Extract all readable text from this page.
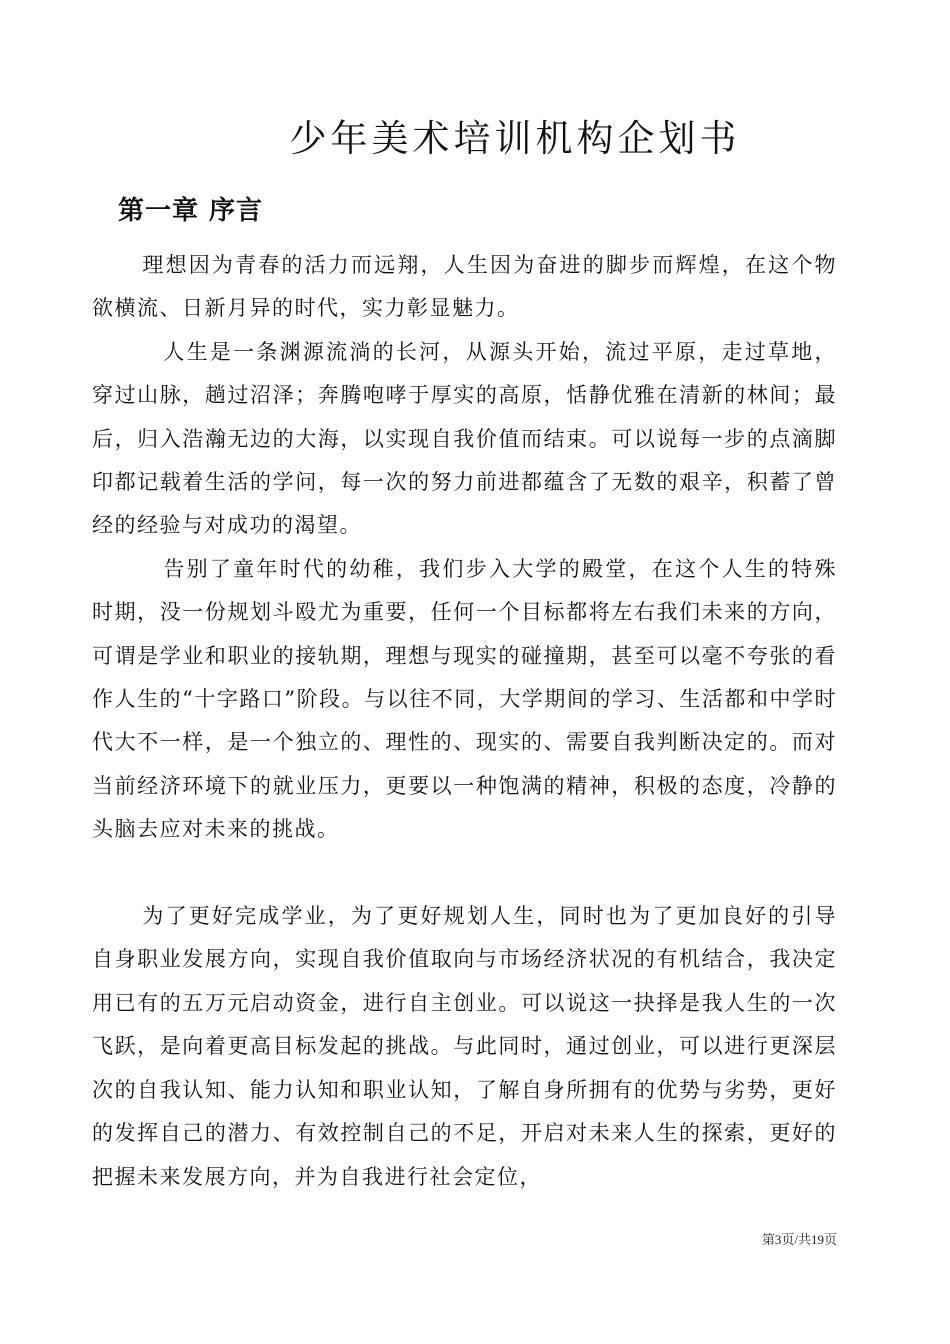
少年美术培训机构企划书
第一章 序言

理想因为青春的活力而远翔，人生因为奋进的脚步而辉煌，在这个物欲横流、日新月异的时代，实力彰显魅力。

人生是一条渊源流淌的长河，从源头开始，流过平原，走过草地，穿过山脉，趟过沼泽；奔腾咆哮于厚实的高原，恬静优雅在清新的林间；最后，归入浩瀚无边的大海，以实现自我价值而结束。可以说每一步的点滴脚印都记载着生活的学问，每一次的努力前进都蕴含了无数的艰辛，积蓄了曾经的经验与对成功的渴望。

告别了童年时代的幼稚，我们步入大学的殿堂，在这个人生的特殊时期，没一份规划斗殴尤为重要，任何一个目标都将左右我们未来的方向，可谓是学业和职业的接轨期，理想与现实的碰撞期，甚至可以毫不夸张的看作人生的“十字路口”阶段。与以往不同，大学期间的学习、生活都和中学时代大不一样，是一个独立的、理性的、现实的、需要自我判断决定的。而对当前经济环境下的就业压力，更要以一种饱满的精神，积极的态度，冷静的头脑去应对未来的挑战。

为了更好完成学业，为了更好规划人生，同时也为了更加良好的引导自身职业发展方向，实现自我价值取向与市场经济状况的有机结合，我决定用已有的五万元启动资金，进行自主创业。可以说这一抉择是我人生的一次飞跃，是向着更高目标发起的挑战。与此同时，通过创业，可以进行更深层次的自我认知、能力认知和职业认知，了解自身所拥有的优势与劣势，更好的发挥自己的潜力、有效控制自己的不足，开启对未来人生的探索，更好的把握未来发展方向，并为自我进行社会定位，

第3页/共19页
